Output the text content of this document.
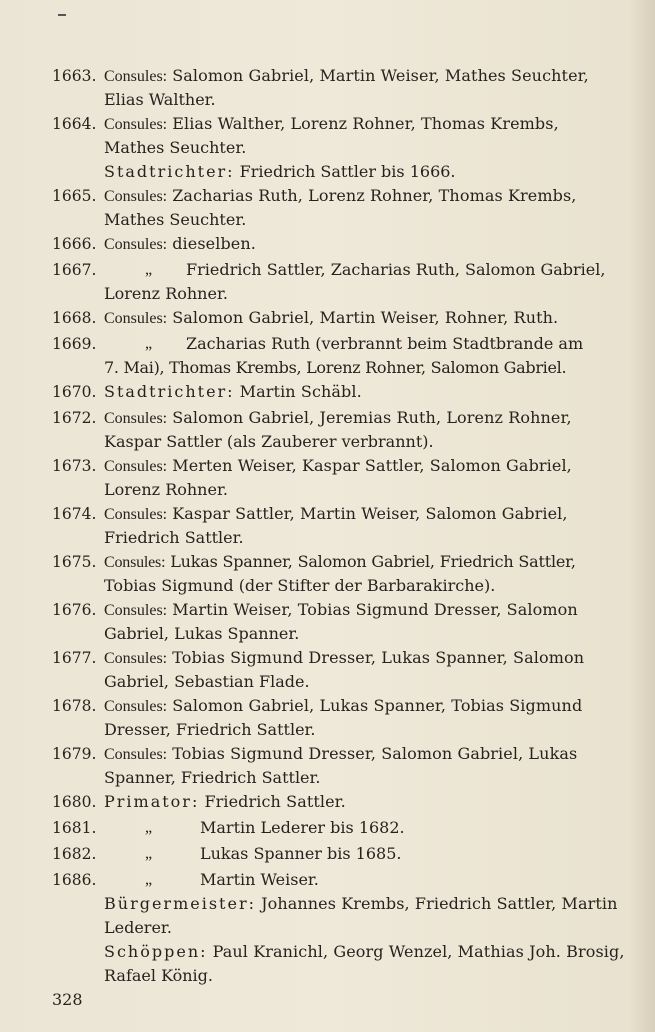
1663. Consules: Salomon Gabriel, Martin Weiser, Mathes Seuchter,
Elias Walther.
1664. Consules: Elias Walther, Lorenz Rohner, Thomas Krembs,
Mathes Seuchter.
Stadtrichter: Friedrich Sattler bis 1666.
1665. Consules: Zacharias Ruth, Lorenz Rohner, Thomas Krembs,
Mathes Seuchter.
1666. Consules: dieselben.
1667.	„ Friedrich Sattler, Zacharias Ruth, Salomon Gabriel,
Lorenz Rohner.
1668. Consules: Salomon Gabriel, Martin Weiser, Rohner, Ruth.
1669.	„ Zacharias Ruth (verbrannt beim Stadtbrande am
7. Mai), Thomas Krembs, Lorenz Rohner, Salomon Gabriel.
1670. Stadtrichter: Martin Schäbl.
1672. Consules: Salomon Gabriel, Jeremias Ruth, Lorenz Rohner,
Kaspar Sattler (als Zauberer verbrannt).
1673. Consules: Merten Weiser, Kaspar Sattler, Salomon Gabriel,
Lorenz Rohner.
1674. Consules: Kaspar Sattler, Martin Weiser, Salomon Gabriel,
Friedrich Sattler.
1675. Consules: Lukas Spanner, Salomon Gabriel, Friedrich Sattler,
Tobias Sigmund (der Stifter der Barbarakirche).
1676. Consules: Martin Weiser, Tobias Sigmund Dresser, Salomon
Gabriel, Lukas Spanner.
1677. Consules: Tobias Sigmund Dresser, Lukas Spanner, Salomon
Gabriel, Sebastian Flade.
1678. Consules: Salomon Gabriel, Lukas Spanner, Tobias Sigmund
Dresser, Friedrich Sattler.
1679. Consules: Tobias Sigmund Dresser, Salomon Gabriel, Lukas
Spanner, Friedrich Sattler.
1680. Primator: Friedrich Sattler.
1681.	„	Martin Lederer bis 1682.
1682.	„	Lukas Spanner bis 1685.
1686.	„	Martin Weiser.
Bürgermeister: Johannes Krembs, Friedrich Sattler, Martin
Lederer.
Schöppen: Paul Kranichl, Georg Wenzel, Mathias Joh. Brosig,
Rafael König.
328
